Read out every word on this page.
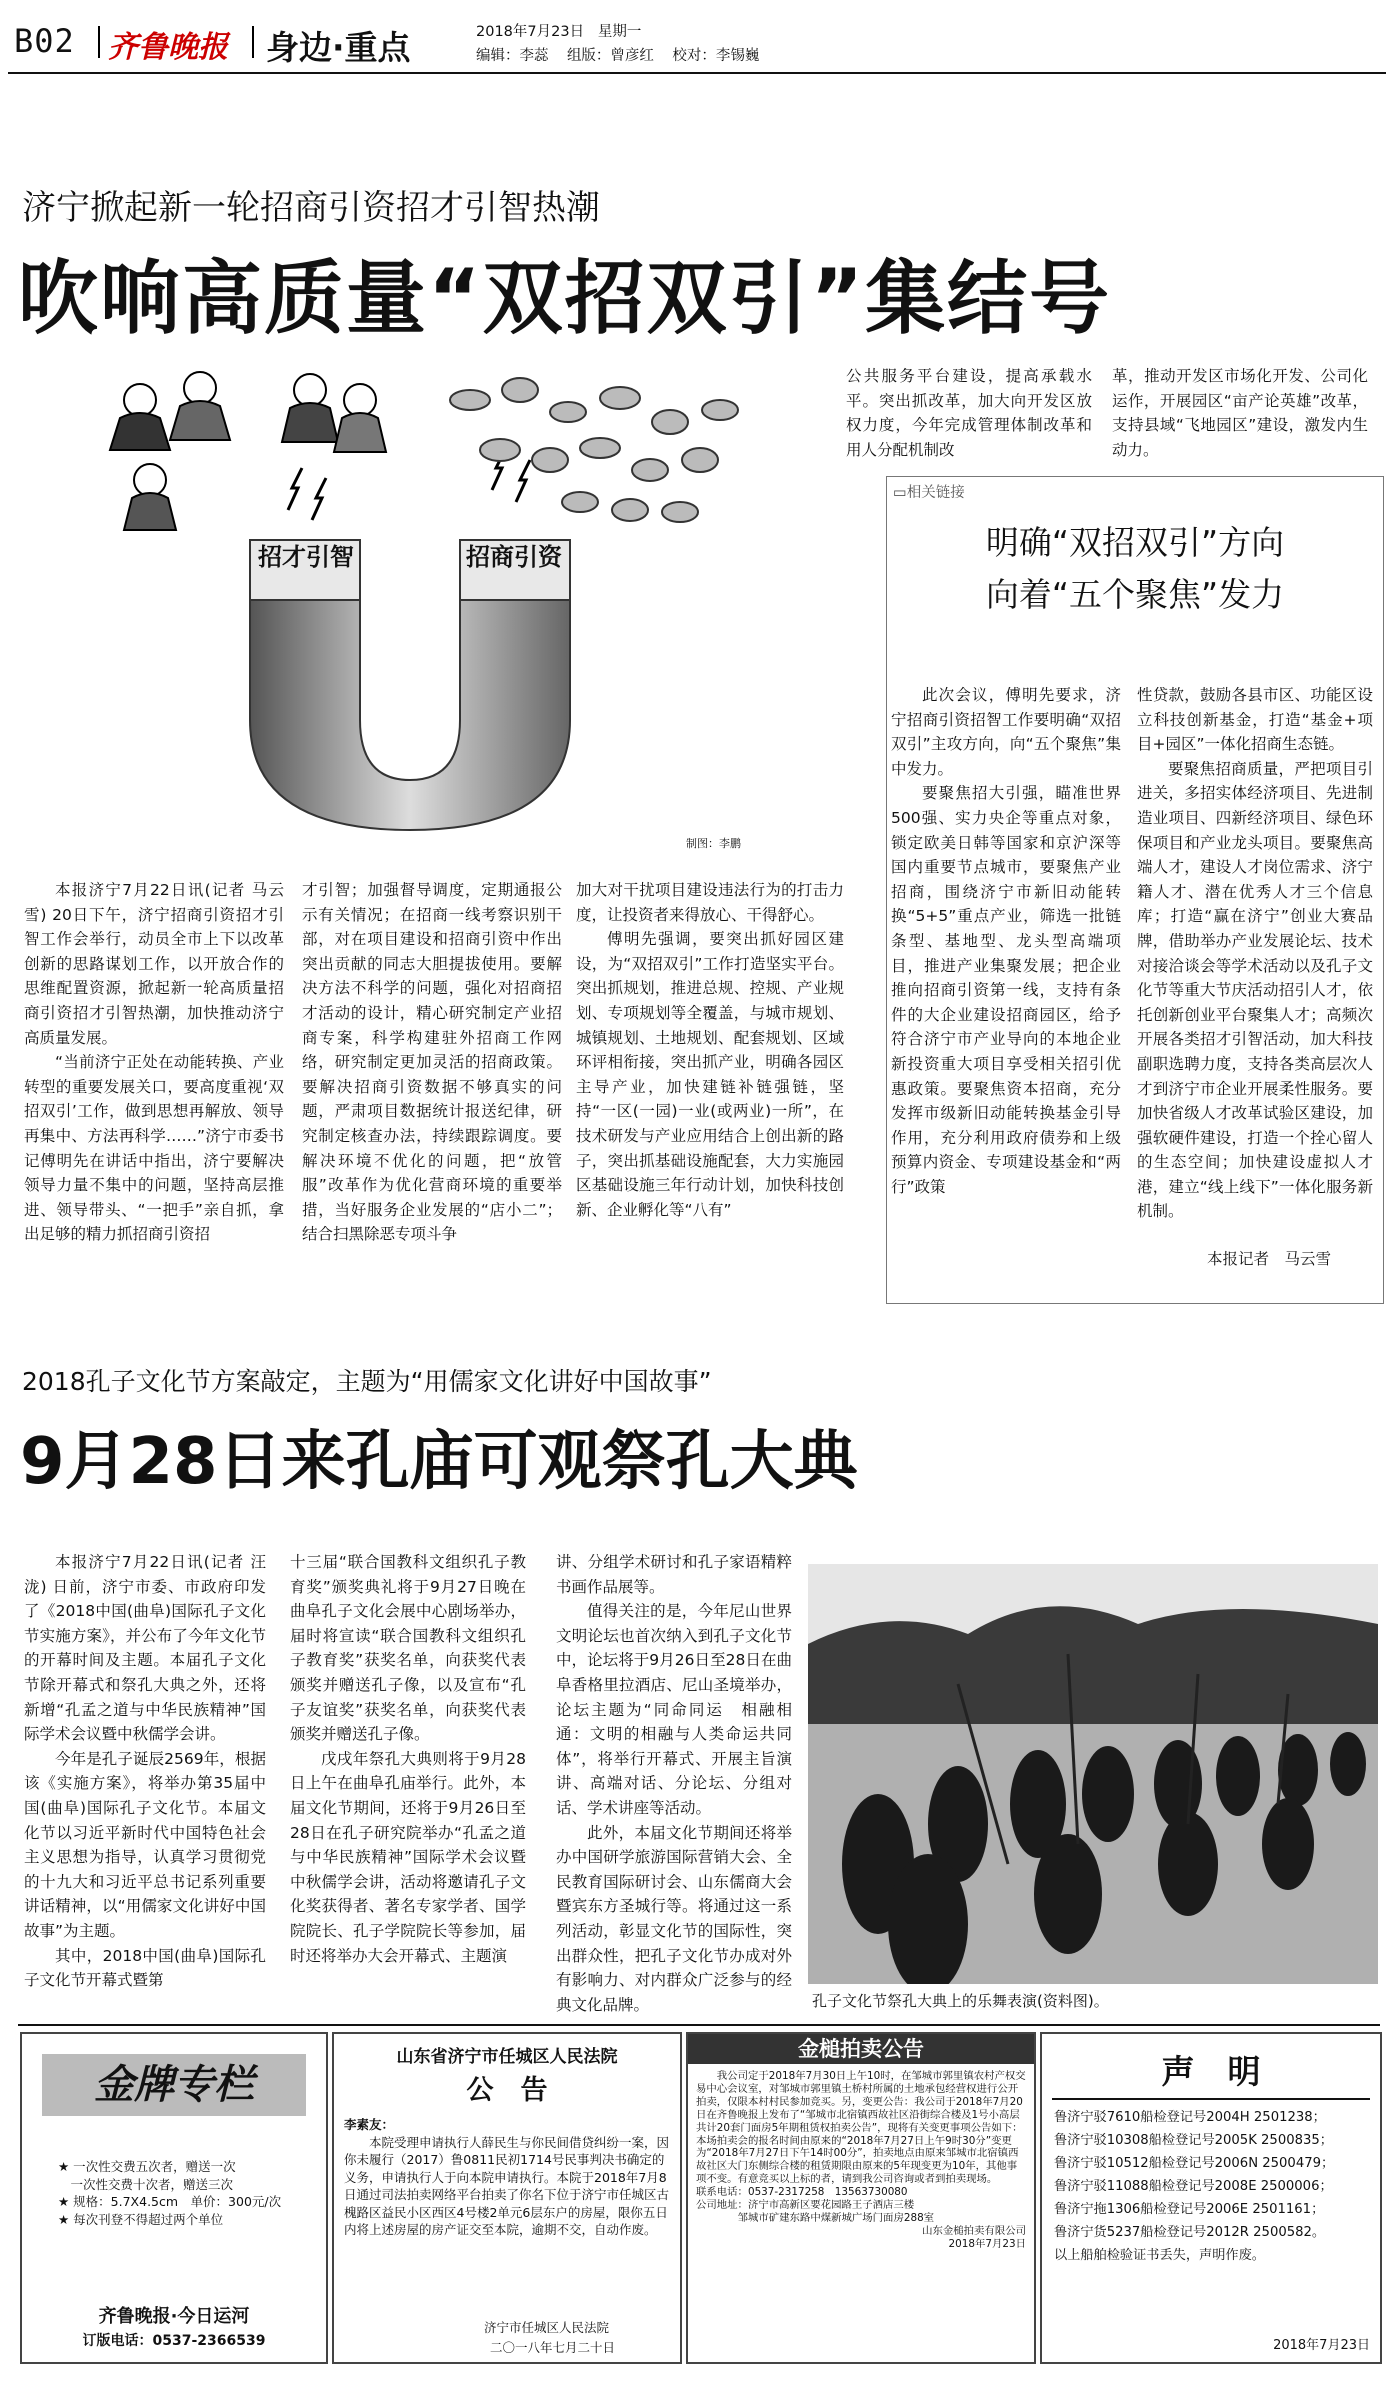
B02 齐鲁晚报 身边·重点	2018年7月23日 星期一
编辑：李蕊 组版：曾彦红 校对：李锡巍
济宁掀起新一轮招商引资招才引智热潮
吹响高质量“双招双引”集结号
招才引智	招商引资
制图：李鹏

公共服务平台建设，提高承载水平。突出抓改革，加大向开发区放权力度，今年完成管理体制改革和用人分配机制改

革，推动开发区市场化开发、公司化运作，开展园区“亩产论英雄”改革，支持县域“飞地园区”建设，激发内生动力。

▭相关链接
明确“双招双引”方向
向着“五个聚焦”发力

此次会议，傅明先要求，济宁招商引资招智工作要明确“双招双引”主攻方向，向“五个聚焦”集中发力。

要聚焦招大引强，瞄准世界500强、实力央企等重点对象，锁定欧美日韩等国家和京沪深等国内重要节点城市，要聚焦产业招商，围绕济宁市新旧动能转换“5+5”重点产业，筛选一批链条型、基地型、龙头型高端项目，推进产业集聚发展；把企业推向招商引资第一线，支持有条件的大企业建设招商园区，给予符合济宁市产业导向的本地企业新投资重大项目享受相关招引优惠政策。要聚焦资本招商，充分发挥市级新旧动能转换基金引导作用，充分利用政府债券和上级预算内资金、专项建设基金和“两行”政策

性贷款，鼓励各县市区、功能区设立科技创新基金，打造“基金+项目+园区”一体化招商生态链。

要聚焦招商质量，严把项目引进关，多招实体经济项目、先进制造业项目、四新经济项目、绿色环保项目和产业龙头项目。要聚焦高端人才，建设人才岗位需求、济宁籍人才、潜在优秀人才三个信息库；打造“赢在济宁”创业大赛品牌，借助举办产业发展论坛、技术对接洽谈会等学术活动以及孔子文化节等重大节庆活动招引人才，依托创新创业平台聚集人才；高频次开展各类招才引智活动，加大科技副职选聘力度，支持各类高层次人才到济宁市企业开展柔性服务。要加快省级人才改革试验区建设，加强软硬件建设，打造一个拴心留人的生态空间；加快建设虚拟人才港，建立“线上线下”一体化服务新机制。

本报记者　马云雪

本报济宁7月22日讯(记者 马云雪) 20日下午，济宁招商引资招才引智工作会举行，动员全市上下以改革创新的思路谋划工作，以开放合作的思维配置资源，掀起新一轮高质量招商引资招才引智热潮，加快推动济宁高质量发展。

“当前济宁正处在动能转换、产业转型的重要发展关口，要高度重视‘双招双引’工作，做到思想再解放、领导再集中、方法再科学……”济宁市委书记傅明先在讲话中指出，济宁要解决领导力量不集中的问题，坚持高层推进、领导带头、“一把手”亲自抓，拿出足够的精力抓招商引资招

才引智；加强督导调度，定期通报公示有关情况；在招商一线考察识别干部，对在项目建设和招商引资中作出突出贡献的同志大胆提拔使用。要解决方法不科学的问题，强化对招商招才活动的设计，精心研究制定产业招商专案，科学构建驻外招商工作网络，研究制定更加灵活的招商政策。要解决招商引资数据不够真实的问题，严肃项目数据统计报送纪律，研究制定核查办法，持续跟踪调度。要解决环境不优化的问题，把“放管服”改革作为优化营商环境的重要举措，当好服务企业发展的“店小二”；结合扫黑除恶专项斗争

加大对干扰项目建设违法行为的打击力度，让投资者来得放心、干得舒心。

傅明先强调，要突出抓好园区建设，为“双招双引”工作打造坚实平台。突出抓规划，推进总规、控规、产业规划、专项规划等全覆盖，与城市规划、城镇规划、土地规划、配套规划、区域环评相衔接，突出抓产业，明确各园区主导产业，加快建链补链强链，坚持“一区(一园)一业(或两业)一所”，在技术研发与产业应用结合上创出新的路子，突出抓基础设施配套，大力实施园区基础设施三年行动计划，加快科技创新、企业孵化等“八有”

2018孔子文化节方案敲定，主题为“用儒家文化讲好中国故事”
9月28日来孔庙可观祭孔大典

本报济宁7月22日讯(记者 汪泷) 日前，济宁市委、市政府印发了《2018中国(曲阜)国际孔子文化节实施方案》，并公布了今年文化节的开幕时间及主题。本届孔子文化节除开幕式和祭孔大典之外，还将新增“孔孟之道与中华民族精神”国际学术会议暨中秋儒学会讲。

今年是孔子诞辰2569年，根据该《实施方案》，将举办第35届中国(曲阜)国际孔子文化节。本届文化节以习近平新时代中国特色社会主义思想为指导，认真学习贯彻党的十九大和习近平总书记系列重要讲话精神，以“用儒家文化讲好中国故事”为主题。

其中，2018中国(曲阜)国际孔子文化节开幕式暨第

十三届“联合国教科文组织孔子教育奖”颁奖典礼将于9月27日晚在曲阜孔子文化会展中心剧场举办，届时将宣读“联合国教科文组织孔子教育奖”获奖名单，向获奖代表颁奖并赠送孔子像，以及宣布“孔子友谊奖”获奖名单，向获奖代表颁奖并赠送孔子像。

戊戌年祭孔大典则将于9月28日上午在曲阜孔庙举行。此外，本届文化节期间，还将于9月26日至28日在孔子研究院举办“孔孟之道与中华民族精神”国际学术会议暨中秋儒学会讲，活动将邀请孔子文化奖获得者、著名专家学者、国学院院长、孔子学院院长等参加，届时还将举办大会开幕式、主题演

讲、分组学术研讨和孔子家语精粹书画作品展等。

值得关注的是，今年尼山世界文明论坛也首次纳入到孔子文化节中，论坛将于9月26日至28日在曲阜香格里拉酒店、尼山圣境举办，论坛主题为“同命同运　相融相通：文明的相融与人类命运共同体”，将举行开幕式、开展主旨演讲、高端对话、分论坛、分组对话、学术讲座等活动。

此外，本届文化节期间还将举办中国研学旅游国际营销大会、全民教育国际研讨会、山东儒商大会暨宾东方圣城行等。将通过这一系列活动，彰显文化节的国际性，突出群众性，把孔子文化节办成对外有影响力、对内群众广泛参与的经典文化品牌。	孔子文化节祭孔大典上的乐舞表演(资料图)。
金牌专栏

★ 一次性交费五次者，赠送一次

　一次性交费十次者，赠送三次

★ 规格：5.7X4.5cm　单价：300元/次

★ 每次刊登不得超过两个单位

齐鲁晚报·今日运河
订版电话：0537-2366539
山东省济宁市任城区人民法院
公　告

李素友：

本院受理申请执行人薛民生与你民间借贷纠纷一案，因你未履行（2017）鲁0811民初1714号民事判决书确定的义务，申请执行人于向本院申请执行。本院于2018年7月8日通过司法拍卖网络平台拍卖了你名下位于济宁市任城区古槐路区益民小区西区4号楼2单元6层东户的房屋，限你五日内将上述房屋的房产证交至本院，逾期不交，自动作废。

济宁市任城区人民法院
二〇一八年七月二十日
金槌拍卖公告

我公司定于2018年7月30日上午10时，在邹城市郭里镇农村产权交易中心会议室，对邹城市郭里镇土桥村所属的土地承包经营权进行公开拍卖，仅限本村村民参加竞买。另，变更公告：我公司于2018年7月20日在齐鲁晚报上发布了“邹城市北宿镇西故社区沿街综合楼及1号小高层共计20套门面房5年期租赁权拍卖公告”，现将有关变更事项公告如下：本场拍卖会的报名时间由原来的“2018年7月27日上午9时30分”变更为“2018年7月27日下午14时00分”，拍卖地点由原来邹城市北宿镇西故社区大门东侧综合楼的租赁期限由原来的5年现变更为10年，其他事项不变。有意竞买以上标的者，请到我公司咨询或者到拍卖现场。

联系电话：0537-2317258　13563730080

公司地址：济宁市高新区要花园路王子酒店三楼

邹城市矿建东路中煤新城广场门面房288室

山东金槌拍卖有限公司

2018年7月23日

声　明
鲁济宁驳7610船检登记号2004H 2501238；
鲁济宁驳10308船检登记号2005K 2500835；
鲁济宁驳10512船检登记号2006N 2500479；
鲁济宁驳11088船检登记号2008E 2500006；
鲁济宁拖1306船检登记号2006E 2501161；
鲁济宁货5237船检登记号2012R 2500582。
以上船舶检验证书丢失，声明作废。
2018年7月23日
